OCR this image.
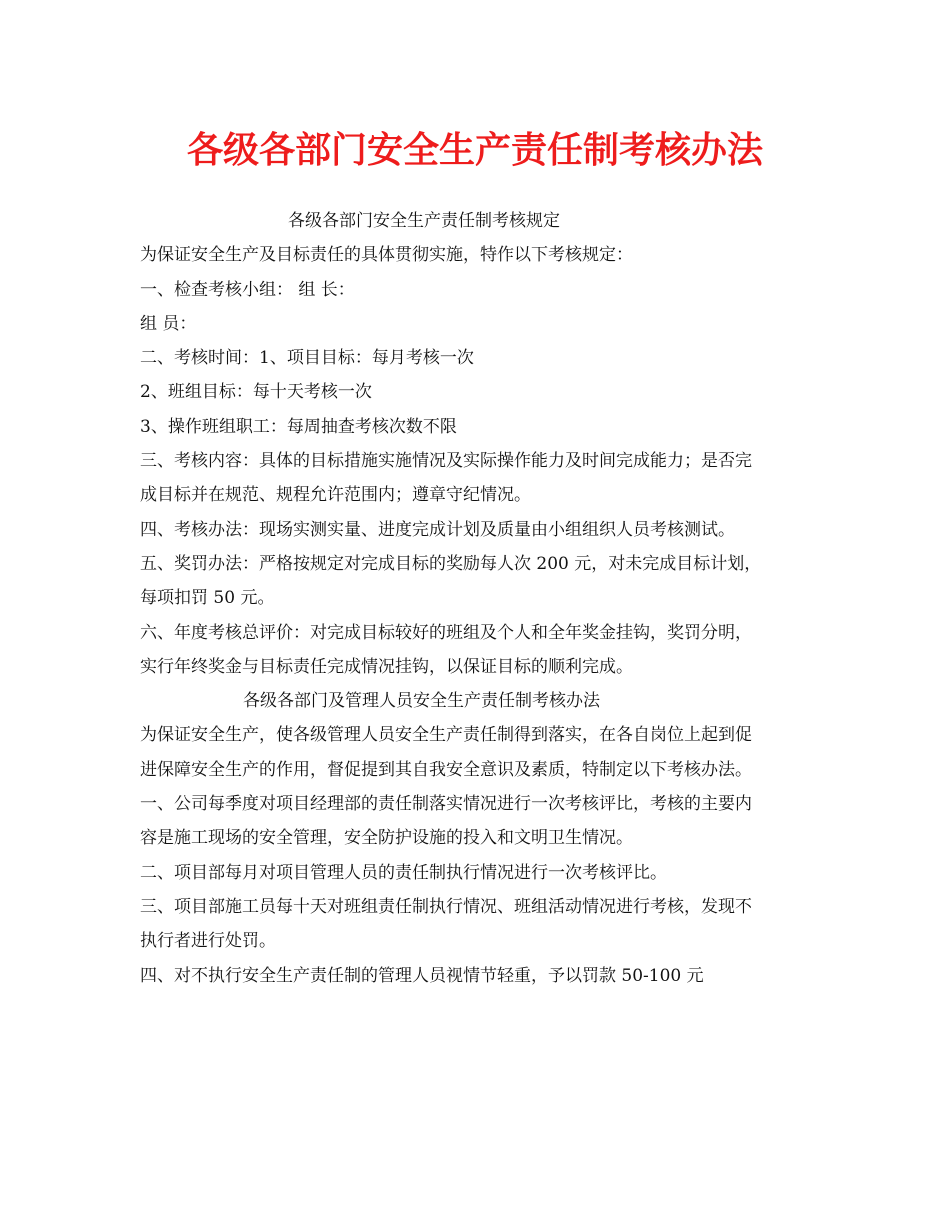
各级各部门安全生产责任制考核办法
各级各部门安全生产责任制考核规定
为保证安全生产及目标责任的具体贯彻实施，特作以下考核规定：
一、检查考核小组： 组 长：
组 员：
二、考核时间：1、项目目标：每月考核一次
2、班组目标：每十天考核一次
3、操作班组职工：每周抽查考核次数不限
三、考核内容：具体的目标措施实施情况及实际操作能力及时间完成能力；是否完
成目标并在规范、规程允许范围内；遵章守纪情况。
四、考核办法：现场实测实量、进度完成计划及质量由小组组织人员考核测试。
五、奖罚办法：严格按规定对完成目标的奖励每人次 200 元，对未完成目标计划，
每项扣罚 50 元。
六、年度考核总评价：对完成目标较好的班组及个人和全年奖金挂钩，奖罚分明，
实行年终奖金与目标责任完成情况挂钩，以保证目标的顺利完成。
各级各部门及管理人员安全生产责任制考核办法
为保证安全生产，使各级管理人员安全生产责任制得到落实，在各自岗位上起到促
进保障安全生产的作用，督促提到其自我安全意识及素质，特制定以下考核办法。
一、公司每季度对项目经理部的责任制落实情况进行一次考核评比，考核的主要内
容是施工现场的安全管理，安全防护设施的投入和文明卫生情况。
二、项目部每月对项目管理人员的责任制执行情况进行一次考核评比。
三、项目部施工员每十天对班组责任制执行情况、班组活动情况进行考核，发现不
执行者进行处罚。
四、对不执行安全生产责任制的管理人员视情节轻重，予以罚款 50-100 元
